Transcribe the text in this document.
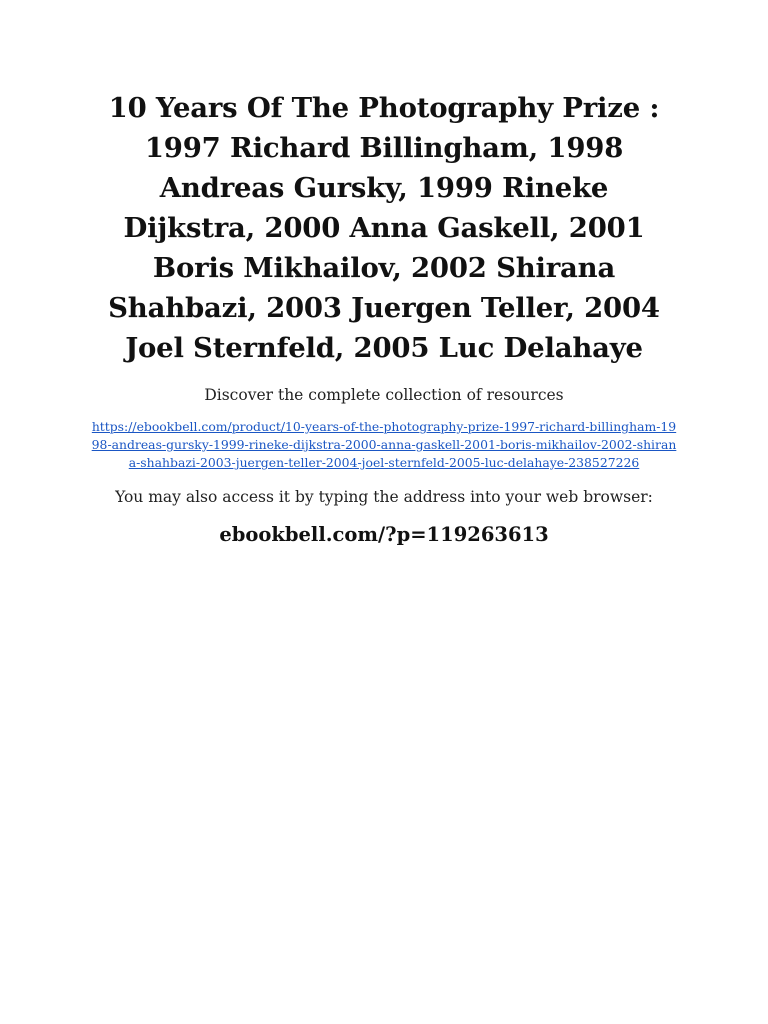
10 Years Of The Photography Prize : 1997 Richard Billingham, 1998 Andreas Gursky, 1999 Rineke Dijkstra, 2000 Anna Gaskell, 2001 Boris Mikhailov, 2002 Shirana Shahbazi, 2003 Juergen Teller, 2004 Joel Sternfeld, 2005 Luc Delahaye

Discover the complete collection of resources

https://ebookbell.com/product/10-years-of-the-photography-prize-1997-richard-billingham-1998-andreas-gursky-1999-rineke-dijkstra-2000-anna-gaskell-2001-boris-mikhailov-2002-shirana-shahbazi-2003-juergen-teller-2004-joel-sternfeld-2005-luc-delahaye-238527226

You may also access it by typing the address into your web browser:

ebookbell.com/?p=119263613
